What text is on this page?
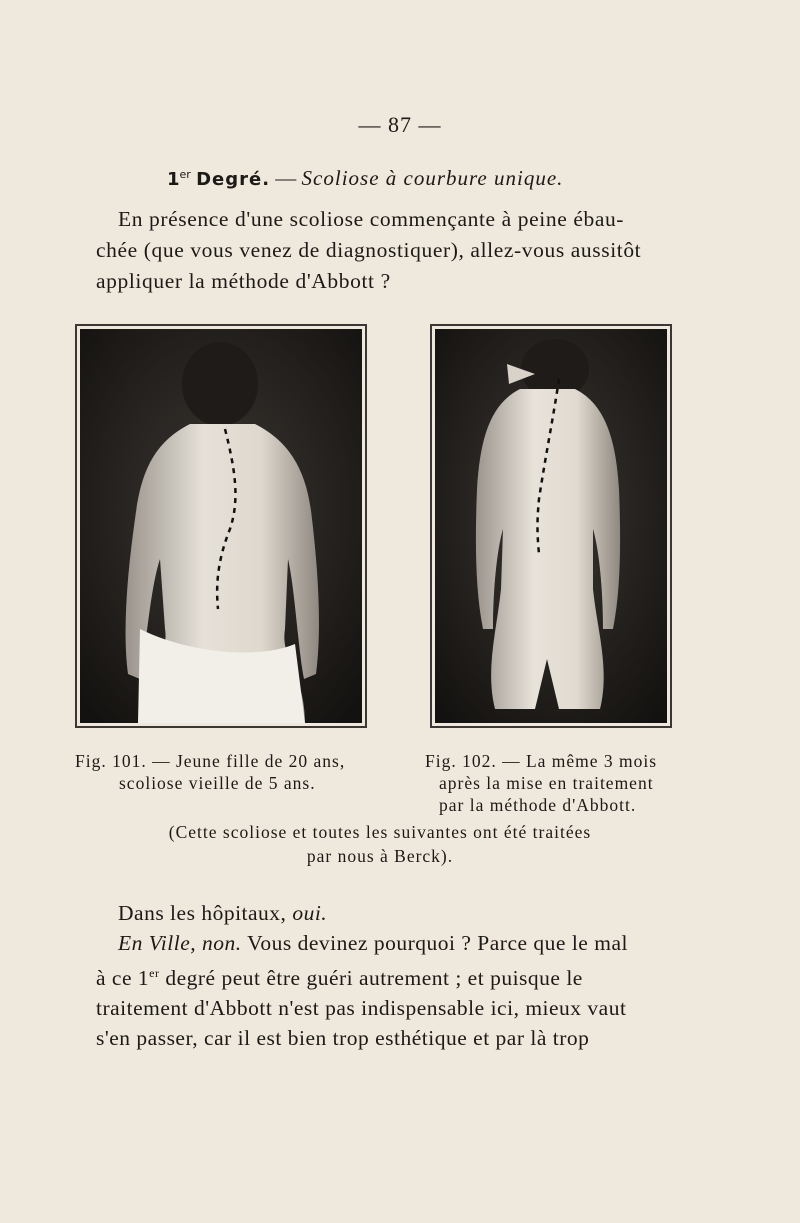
— 87 —
1er Degré. — Scoliose à courbure unique.
En présence d'une scoliose commençante à peine ébau-
chée (que vous venez de diagnostiquer), allez-vous aussitôt
appliquer la méthode d'Abbott ?
Fig. 101. — Jeune fille de 20 ans,
scoliose vieille de 5 ans.
Fig. 102. — La même 3 mois
après la mise en traitement
par la méthode d'Abbott.
(Cette scoliose et toutes les suivantes ont été traitées
par nous à Berck).
Dans les hôpitaux, oui.
En Ville, non. Vous devinez pourquoi ? Parce que le mal
à ce 1er degré peut être guéri autrement ; et puisque le
traitement d'Abbott n'est pas indispensable ici, mieux vaut
s'en passer, car il est bien trop esthétique et par là trop
